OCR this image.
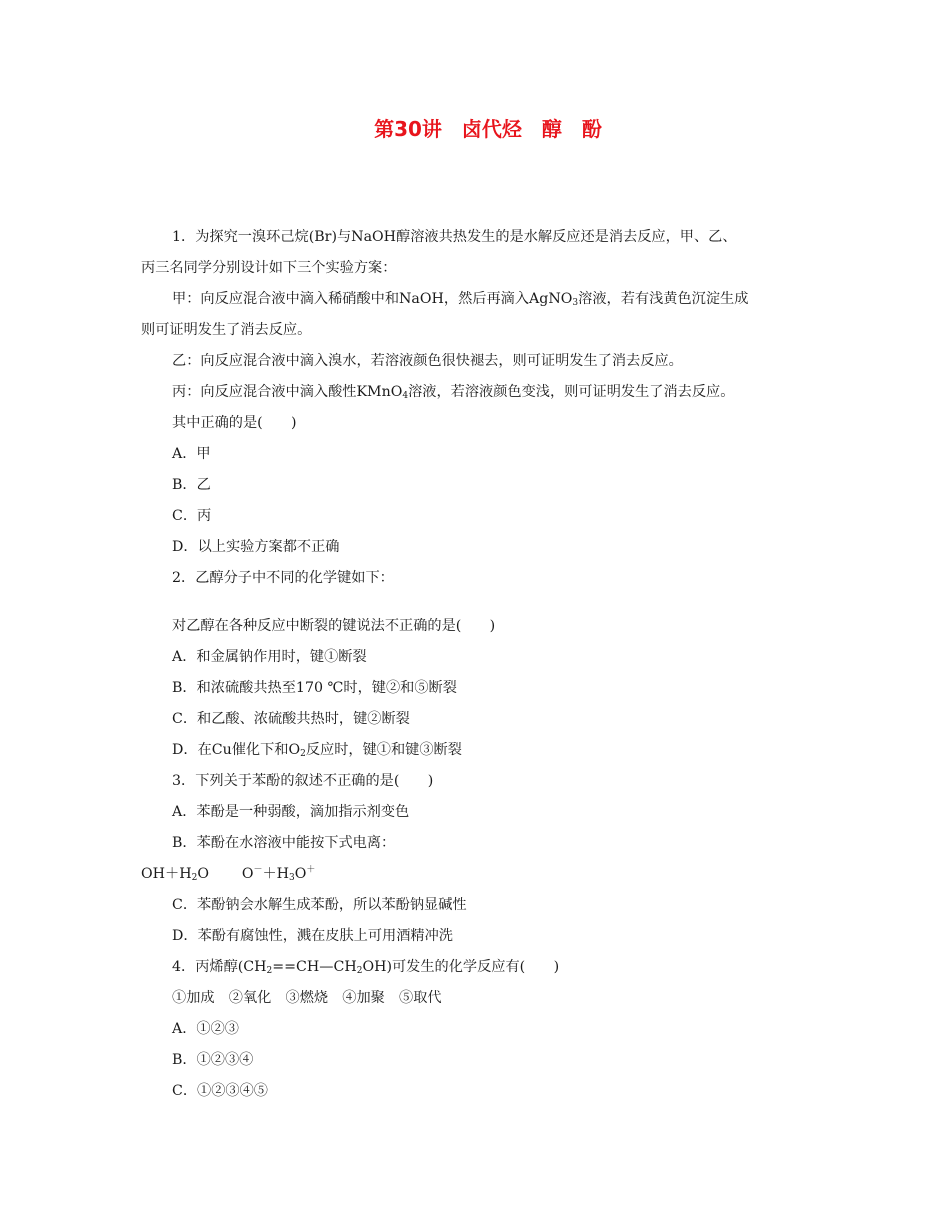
第30讲　卤代烃　醇　酚
1．为探究一溴环己烷(Br)与NaOH醇溶液共热发生的是水解反应还是消去反应，甲、乙、
丙三名同学分别设计如下三个实验方案：
甲：向反应混合液中滴入稀硝酸中和NaOH，然后再滴入AgNO$_3$溶液，若有浅黄色沉淀生成
则可证明发生了消去反应。
乙：向反应混合液中滴入溴水，若溶液颜色很快褪去，则可证明发生了消去反应。
丙：向反应混合液中滴入酸性KMnO$_4$溶液，若溶液颜色变浅，则可证明发生了消去反应。
其中正确的是(　　)
A．甲
B．乙
C．丙
D．以上实验方案都不正确
2．乙醇分子中不同的化学键如下：
对乙醇在各种反应中断裂的键说法不正确的是(　　)
A．和金属钠作用时，键①断裂
B．和浓硫酸共热至170 ℃时，键②和⑤断裂
C．和乙酸、浓硫酸共热时，键②断裂
D．在Cu催化下和$O_2$反应时，键①和键③断裂
3．下列关于苯酚的叙述不正确的是(　　)
A．苯酚是一种弱酸，滴加指示剂变色
B．苯酚在水溶液中能按下式电离：
$OH+H_2O$　　 $O^-+H_3O^+$
C．苯酚钠会水解生成苯酚，所以苯酚钠显碱性
D．苯酚有腐蚀性，溅在皮肤上可用酒精冲洗
4．丙烯醇$(CH_2==CH—CH_2OH)$可发生的化学反应有(　　)
①加成　②氧化　③燃烧　④加聚　⑤取代
A．①②③
B．①②③④
C．①②③④⑤
